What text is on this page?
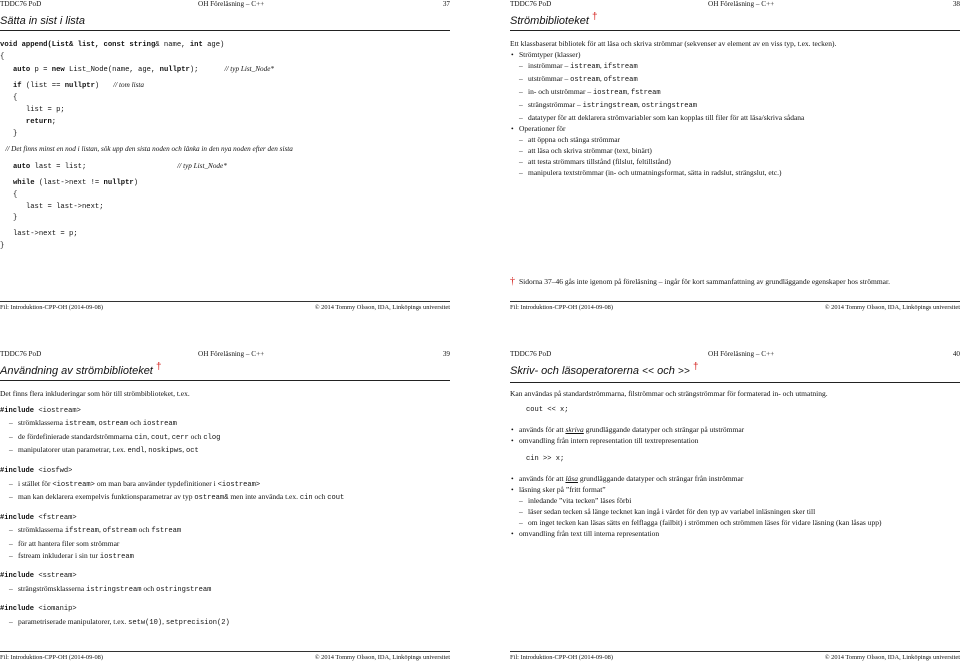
TDDC76 PoD	OH Föreläsning – C++	37
Sätta in sist i lista
void append(List& list, const string& name, int age)
{
auto p = new List_Node(name, age, nullptr);	// typ List_Node*

if (list == nullptr) // tom lista
{
list = p;
return;
}

// Det finns minst en nod i listan, sök upp den sista noden och länka in den nya noden efter den sista

auto last = list;	// typ List_Node*

while (last->next != nullptr)
{
last = last->next;
}

last->next = p;
}
Fil: Introduktion-CPP-OH (2014-09-08)	© 2014 Tommy Olsson, IDA, Linköpings universitet
TDDC76 PoD	OH Föreläsning – C++	38
Strömbiblioteket †
Ett klassbaserat bibliotek för att läsa och skriva strömmar (sekvenser av element av en viss typ, t.ex. tecken).
• Strömtyper (klasser)
– inströmmar – istream, ifstream
– utströmmar – ostream, ofstream
– in- och utströmmar – iostream, fstream
– strängströmmar – istringstream, ostringstream
– datatyper för att deklarera strömvariabler som kan kopplas till filer för att läsa/skriva sådana
• Operationer för
– att öppna och stänga strömmar
– att läsa och skriva strömmar (text, binärt)
– att testa strömmars tillstånd (filslut, feltillstånd)
– manipulera textströmmar (in- och utmatningsformat, sätta in radslut, strängslut, etc.)
† Sidorna 37–46 gås inte igenom på föreläsning – ingår för kort sammanfattning av grundläggande egenskaper hos strömmar.
Fil: Introduktion-CPP-OH (2014-09-08)	© 2014 Tommy Olsson, IDA, Linköpings universitet
TDDC76 PoD	OH Föreläsning – C++	39
Användning av strömbiblioteket †
Det finns flera inkluderingar som hör till strömbiblioteket, t.ex.
#include <iostream>
– strömklasserna istream, ostream och iostream
– de fördefinierade standardströmmarna cin, cout, cerr och clog
– manipulatorer utan parametrar, t.ex. endl, noskipws, oct
#include <iosfwd>
– i stället för <iostream> om man bara använder typdefinitioner i <iostream>
– man kan deklarera exempelvis funktionsparametrar av typ ostream& men inte använda t.ex. cin och cout
#include <fstream>
– strömklasserna ifstream, ofstream och fstream
– för att hantera filer som strömmar
– fstream inkluderar i sin tur iostream
#include <sstream>
– strängströmsklasserna istringstream och ostringstream
#include <iomanip>
– parametriserade manipulatorer, t.ex. setw(10), setprecision(2)
Fil: Introduktion-CPP-OH (2014-09-08)	© 2014 Tommy Olsson, IDA, Linköpings universitet
TDDC76 PoD	OH Föreläsning – C++	40
Skriv- och läsoperatorerna << och >> †
Kan användas på standardströmmarna, filströmmar och strängströmmar för formaterad in- och utmatning.
cout << x;
• används för att skriva grundläggande datatyper och strängar på utströmmar
• omvandling från intern representation till textrepresentation
cin >> x;
• används för att läsa grundläggande datatyper och strängar från inströmmar
• läsning sker på ”fritt format”
– inledande ”vita tecken” läses förbi
– läser sedan tecken så länge tecknet kan ingå i värdet för den typ av variabel inläsningen sker till
– om inget tecken kan läsas sätts en felflagga (failbit) i strömmen och strömmen läses för vidare läsning (kan låsas upp)
• omvandling från text till interna representation
Fil: Introduktion-CPP-OH (2014-09-08)	© 2014 Tommy Olsson, IDA, Linköpings universitet
